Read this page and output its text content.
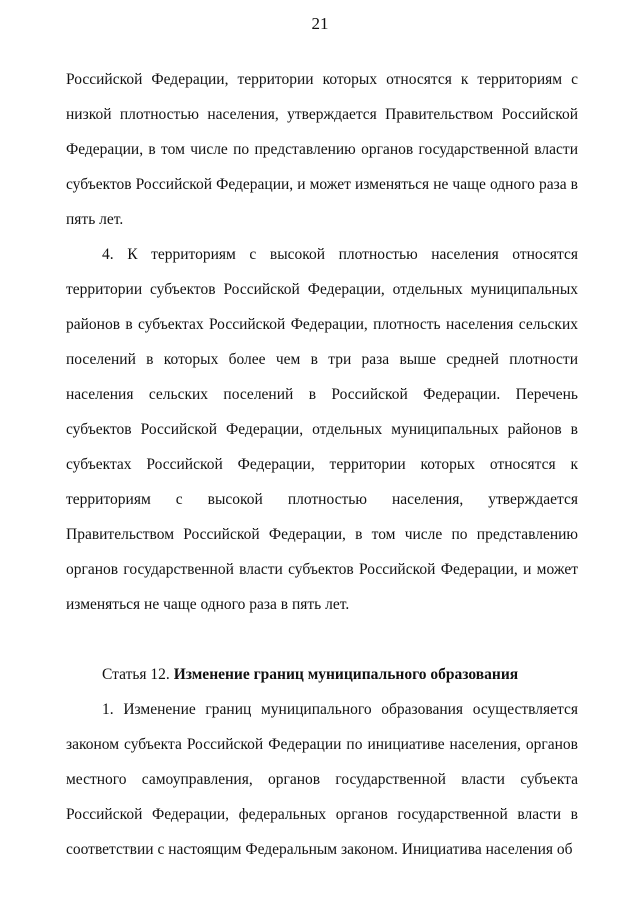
21

Российской Федерации, территории которых относятся к территориям с низкой плотностью населения, утверждается Правительством Российской Федерации, в том числе по представлению органов государственной власти субъектов Российской Федерации, и может изменяться не чаще одного раза в пять лет.

4. К территориям с высокой плотностью населения относятся территории субъектов Российской Федерации, отдельных муниципальных районов в субъектах Российской Федерации, плотность населения сельских поселений в которых более чем в три раза выше средней плотности населения сельских поселений в Российской Федерации. Перечень субъектов Российской Федерации, отдельных муниципальных районов в субъектах Российской Федерации, территории которых относятся к территориям с высокой плотностью населения, утверждается Правительством Российской Федерации, в том числе по представлению органов государственной власти субъектов Российской Федерации, и может изменяться не чаще одного раза в пять лет.

Статья 12. Изменение границ муниципального образования

1. Изменение границ муниципального образования осуществляется законом субъекта Российской Федерации по инициативе населения, органов местного самоуправления, органов государственной власти субъекта Российской Федерации, федеральных органов государственной власти в соответствии с настоящим Федеральным законом. Инициатива населения об
